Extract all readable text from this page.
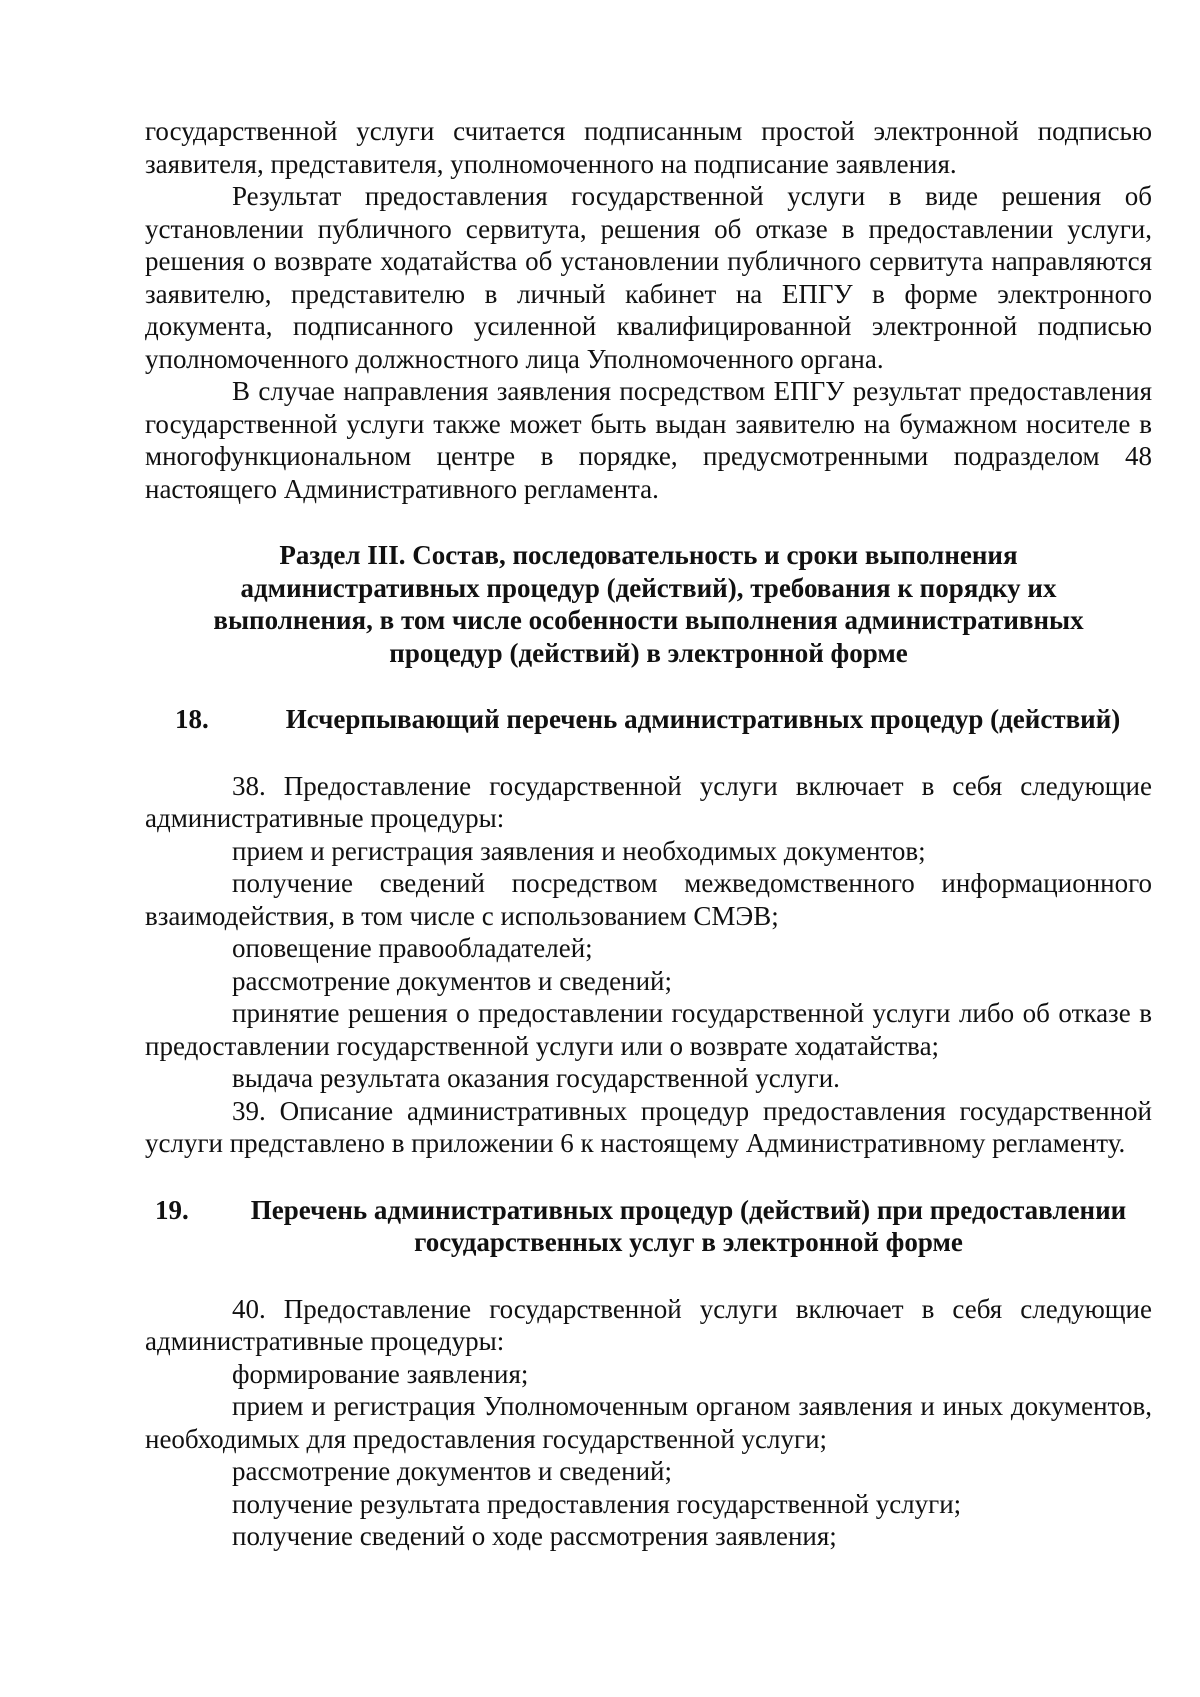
государственной услуги считается подписанным простой электронной подписью заявителя, представителя, уполномоченного на подписание заявления.

Результат предоставления государственной услуги в виде решения об установлении публичного сервитута, решения об отказе в предоставлении услуги, решения о возврате ходатайства об установлении публичного сервитута направляются заявителю, представителю в личный кабинет на ЕПГУ в форме электронного документа, подписанного усиленной квалифицированной электронной подписью уполномоченного должностного лица Уполномоченного органа.

В случае направления заявления посредством ЕПГУ результат предоставления государственной услуги также может быть выдан заявителю на бумажном носителе в многофункциональном центре в порядке, предусмотренными подразделом 48 настоящего Административного регламента.

Раздел III. Состав, последовательность и сроки выполнения административных процедур (действий), требования к порядку их выполнения, в том числе особенности выполнения административных процедур (действий) в электронной форме
18.	Исчерпывающий перечень административных процедур (действий)

38. Предоставление государственной услуги включает в себя следующие административные процедуры:

прием и регистрация заявления и необходимых документов;

получение сведений посредством межведомственного информационного взаимодействия, в том числе с использованием СМЭВ;

оповещение правообладателей;

рассмотрение документов и сведений;

принятие решения о предоставлении государственной услуги либо об отказе в предоставлении государственной услуги или о возврате ходатайства;

выдача результата оказания государственной услуги.

39. Описание административных процедур предоставления государственной услуги представлено в приложении 6 к настоящему Административному регламенту.

19.	Перечень административных процедур (действий) при предоставлении государственных услуг в электронной форме

40. Предоставление государственной услуги включает в себя следующие административные процедуры:

формирование заявления;

прием и регистрация Уполномоченным органом заявления и иных документов, необходимых для предоставления государственной услуги;

рассмотрение документов и сведений;

получение результата предоставления государственной услуги;

получение сведений о ходе рассмотрения заявления;
